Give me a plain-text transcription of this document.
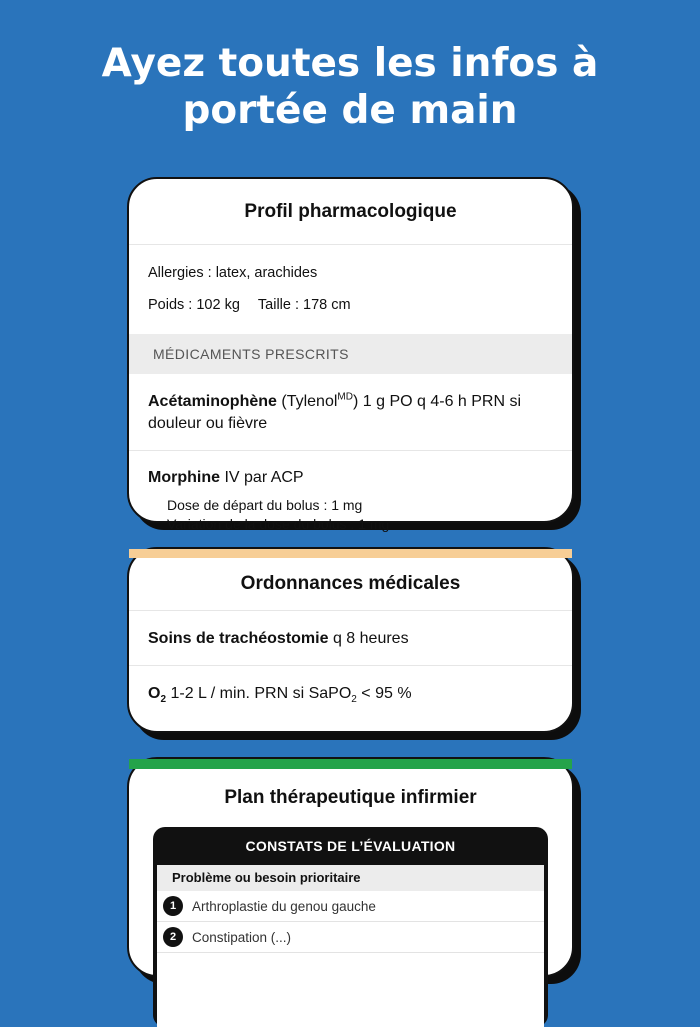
Ayez toutes les infos à
portée de main
Profil pharmacologique
Allergies : latex, arachides
Poids : 102 kg Taille : 178 cm
MÉDICAMENTS PRESCRITS
Acétaminophène (Tylenol$^{MD}$) 1 g PO q 4-6 h PRN si douleur ou fièvre
Morphine IV par ACP
Dose de départ du bolus : 1 mg
Variation de la dose du bolus : 1 mg
Ordonnances médicales
Soins de trachéostomie q 8 heures
$O_2$ 1-2 L / min. PRN si SaPO$_2$ < 95 %
Plan thérapeutique infirmier
CONSTATS DE L’ÉVALUATION
Problème ou besoin prioritaire
1	Arthroplastie du genou gauche
2	Constipation (...)
